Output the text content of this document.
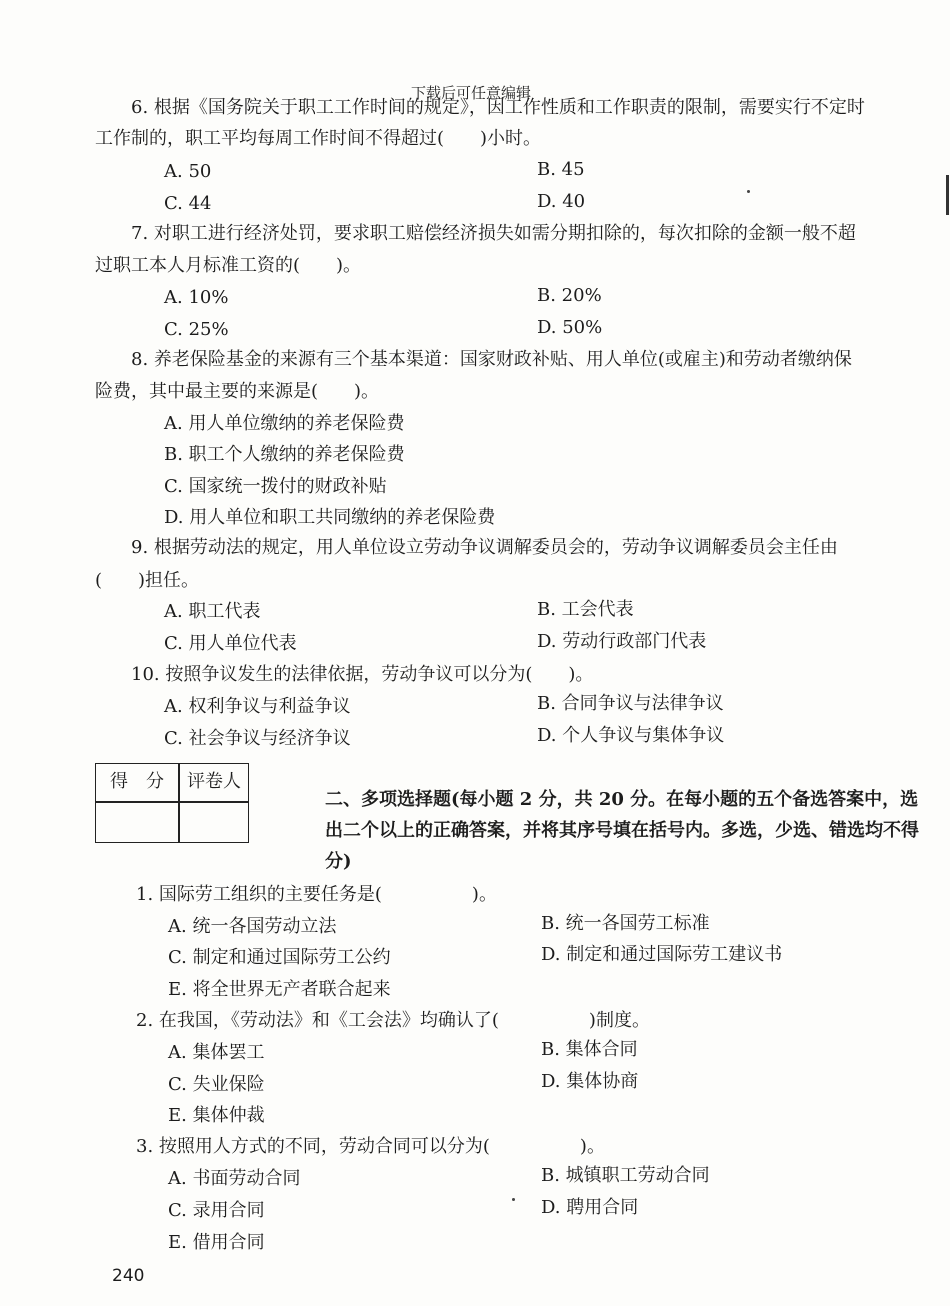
下载后可任意编辑
6. 根据《国务院关于职工工作时间的规定》，因工作性质和工作职责的限制，需要实行不定时
工作制的，职工平均每周工作时间不得超过(　　)小时。
A. 50	B. 45
C. 44	D. 40
7. 对职工进行经济处罚，要求职工赔偿经济损失如需分期扣除的，每次扣除的金额一般不超
过职工本人月标准工资的(　　)。
A. 10%	B. 20%
C. 25%	D. 50%
8. 养老保险基金的来源有三个基本渠道：国家财政补贴、用人单位(或雇主)和劳动者缴纳保
险费，其中最主要的来源是(　　)。
A. 用人单位缴纳的养老保险费
B. 职工个人缴纳的养老保险费
C. 国家统一拨付的财政补贴
D. 用人单位和职工共同缴纳的养老保险费
9. 根据劳动法的规定，用人单位设立劳动争议调解委员会的，劳动争议调解委员会主任由
(　　)担任。
A. 职工代表	B. 工会代表
C. 用人单位代表	D. 劳动行政部门代表
10. 按照争议发生的法律依据，劳动争议可以分为(　　)。
A. 权利争议与利益争议	B. 合同争议与法律争议
C. 社会争议与经济争议	D. 个人争议与集体争议
得　分	评卷人
二、多项选择题(每小题 2 分，共 20 分。在每小题的五个备选答案中，选出二个以上的正确答案，并将其序号填在括号内。多选，少选、错选均不得分)
1. 国际劳工组织的主要任务是(　　　　　)。
A. 统一各国劳动立法	B. 统一各国劳工标准
C. 制定和通过国际劳工公约	D. 制定和通过国际劳工建议书
E. 将全世界无产者联合起来
2. 在我国，《劳动法》和《工会法》均确认了(　　　　　)制度。
A. 集体罢工	B. 集体合同
C. 失业保险	D. 集体协商
E. 集体仲裁
3. 按照用人方式的不同，劳动合同可以分为(　　　　　)。
A. 书面劳动合同	B. 城镇职工劳动合同
C. 录用合同	D. 聘用合同
E. 借用合同
240
